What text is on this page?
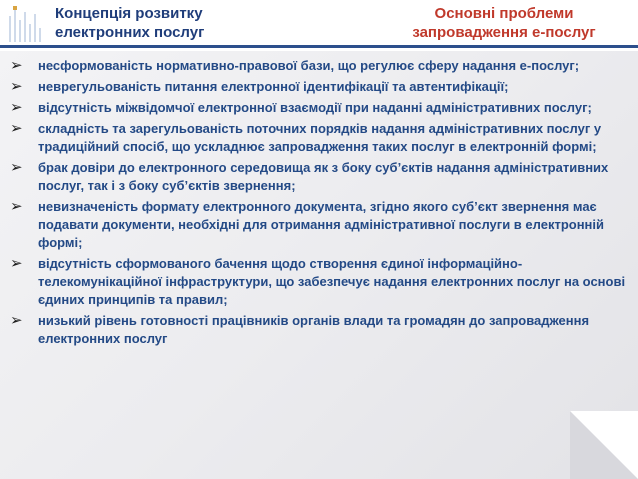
Концепція розвитку електронних послуг
Основні проблеми запровадження е-послуг
➢ несформованість нормативно-правової бази, що регулює сферу надання е-послуг;
➢ неврегульованість питання електронної ідентифікації та автентифікації;
➢ відсутність міжвідомчої електронної взаємодії при наданні адміністративних послуг;
➢ складність та зарегульованість поточних порядків надання адміністративних послуг у традиційний спосіб, що ускладнює запровадження таких послуг в електронній формі;
➢ брак довіри до електронного середовища як з боку суб’єктів надання адміністративних послуг, так і з боку суб’єктів звернення;
➢ невизначеність формату електронного документа, згідно якого суб’єкт звернення має подавати документи, необхідні для отримання адміністративної послуги в електронній формі;
➢ відсутність сформованого бачення щодо створення єдиної інформаційно-телекомунікаційної інфраструктури, що забезпечує надання електронних послуг на основі єдиних принципів та правил;
➢ низький рівень готовності працівників органів влади та громадян до запровадження електронних послуг
